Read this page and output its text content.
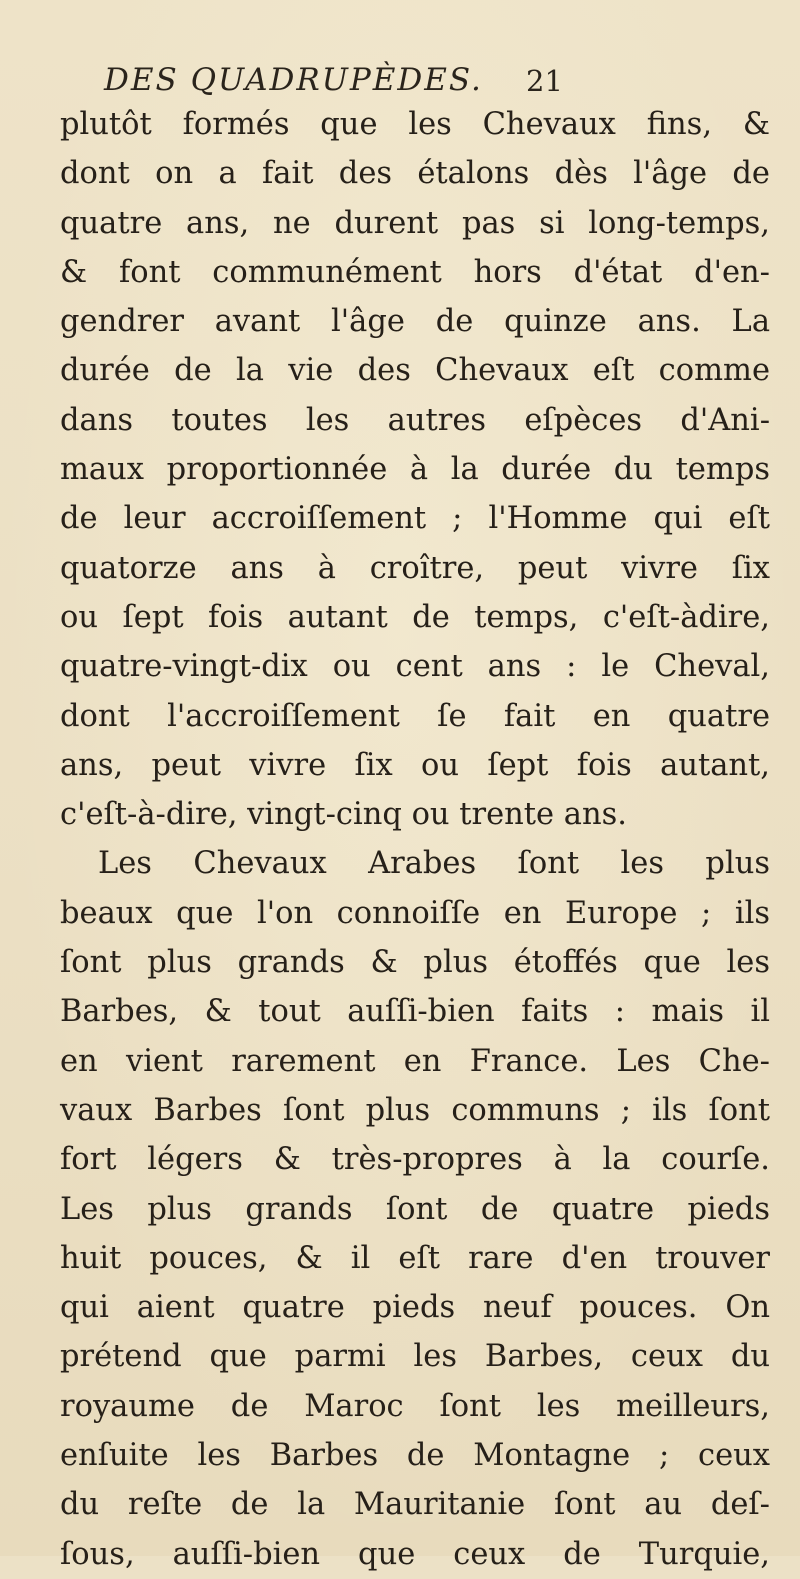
DES QUADRUPÈDES. 21
plutôt formés que les Chevaux fins, &
dont on a fait des étalons dès l'âge de
quatre ans, ne durent pas si long-temps,
& font communément hors d'état d'en-
gendrer avant l'âge de quinze ans. La
durée de la vie des Chevaux eſt comme
dans toutes les autres eſpèces d'Ani-
maux proportionnée à la durée du temps
de leur accroiſſement ; l'Homme qui eſt
quatorze ans à croître, peut vivre ſix
ou ſept fois autant de temps, c'eſt-àdire,
quatre-vingt-dix ou cent ans : le Cheval,
dont l'accroiſſement ſe fait en quatre
ans, peut vivre ſix ou ſept fois autant,
c'eſt-à-dire, vingt-cinq ou trente ans.
Les Chevaux Arabes ſont les plus
beaux que l'on connoiſſe en Europe ; ils
ſont plus grands & plus étoffés que les
Barbes, & tout auſſi-bien faits : mais il
en vient rarement en France. Les Che-
vaux Barbes ſont plus communs ; ils ſont
fort légers & très-propres à la courſe.
Les plus grands ſont de quatre pieds
huit pouces, & il eſt rare d'en trouver
qui aient quatre pieds neuf pouces. On
prétend que parmi les Barbes, ceux du
royaume de Maroc ſont les meilleurs,
enſuite les Barbes de Montagne ; ceux
du reſte de la Mauritanie ſont au deſ-
ſous, auſſi-bien que ceux de Turquie,
